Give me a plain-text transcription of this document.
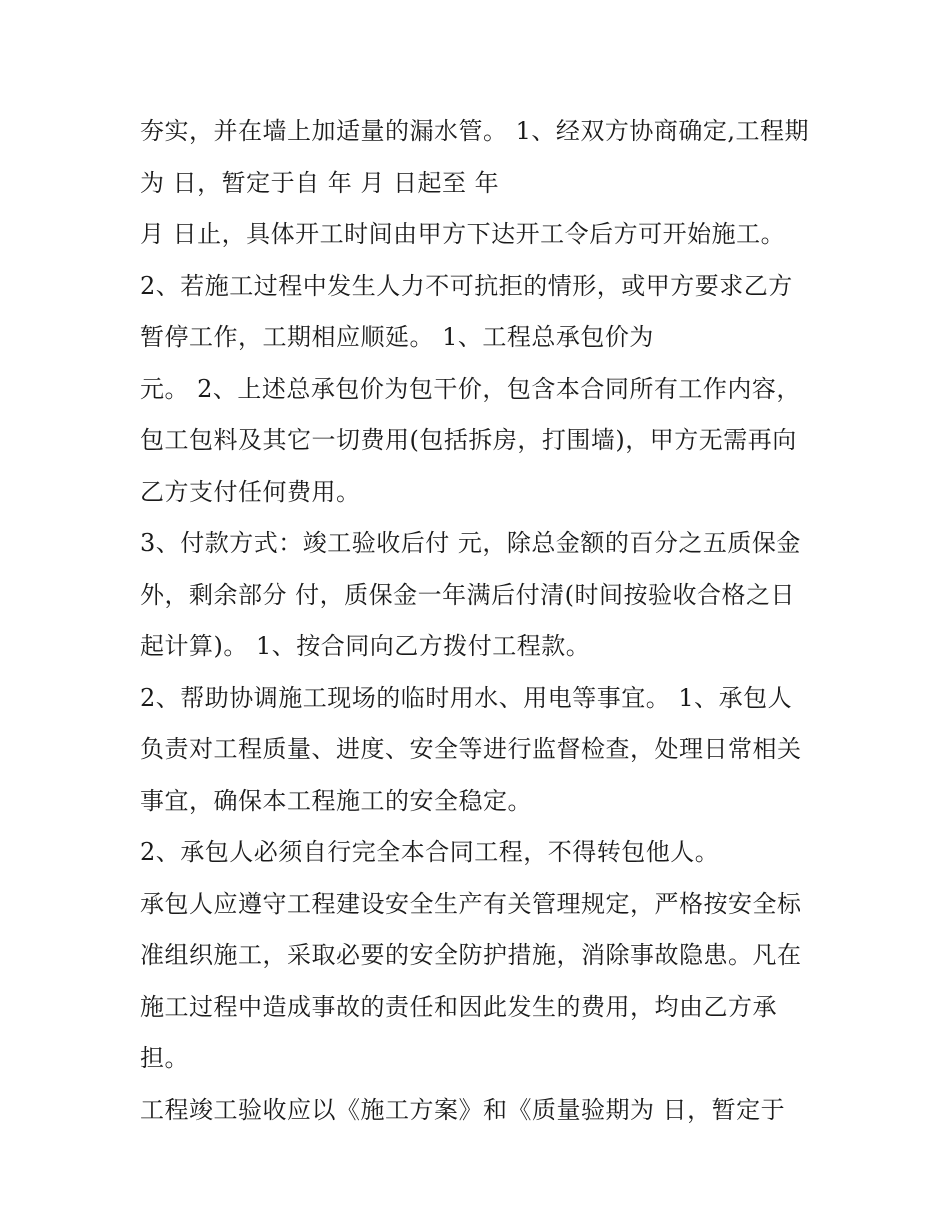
夯实，并在墙上加适量的漏水管。 1、经双方协商确定,工程期
为 日，暂定于自 年 月 日起至 年
月 日止，具体开工时间由甲方下达开工令后方可开始施工。
2、若施工过程中发生人力不可抗拒的情形，或甲方要求乙方
暂停工作，工期相应顺延。 1、工程总承包价为
元。 2、上述总承包价为包干价，包含本合同所有工作内容，
包工包料及其它一切费用(包括拆房，打围墙)，甲方无需再向
乙方支付任何费用。
3、付款方式：竣工验收后付 元，除总金额的百分之五质保金
外，剩余部分 付，质保金一年满后付清(时间按验收合格之日
起计算)。 1、按合同向乙方拨付工程款。
2、帮助协调施工现场的临时用水、用电等事宜。 1、承包人
负责对工程质量、进度、安全等进行监督检查，处理日常相关
事宜，确保本工程施工的安全稳定。
2、承包人必须自行完全本合同工程，不得转包他人。
承包人应遵守工程建设安全生产有关管理规定，严格按安全标
准组织施工，采取必要的安全防护措施，消除事故隐患。凡在
施工过程中造成事故的责任和因此发生的费用，均由乙方承
担。
工程竣工验收应以《施工方案》和《质量验期为 日，暂定于
